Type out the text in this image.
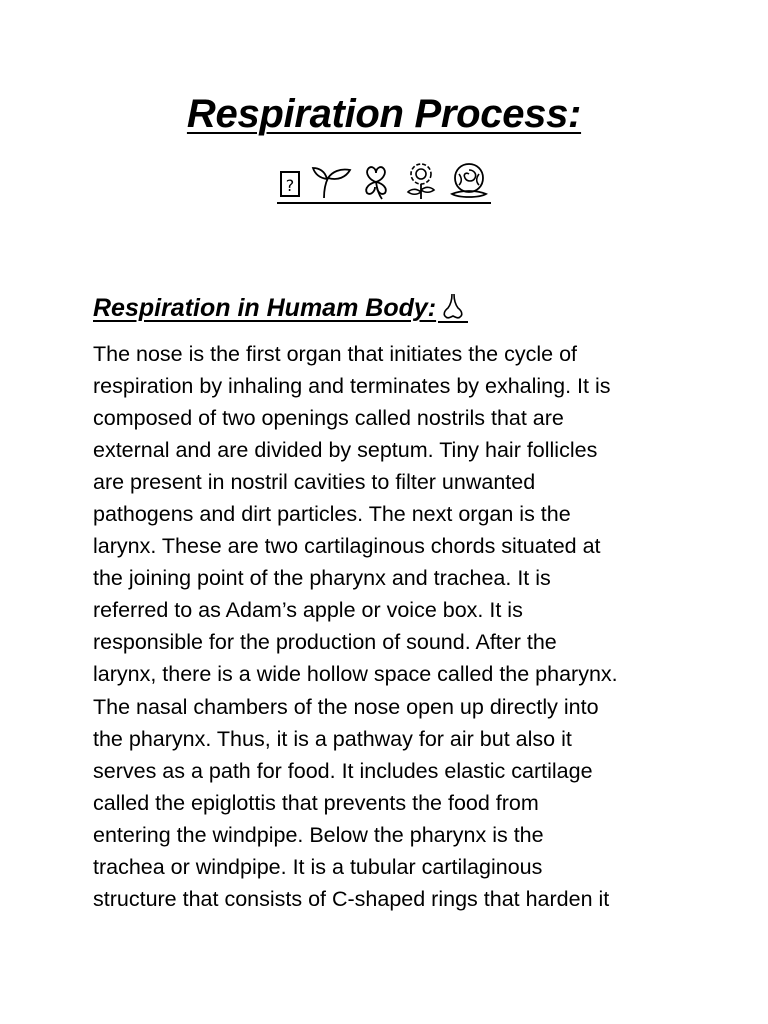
Respiration Process:
?

Respiration in Humam Body:
The nose is the first organ that initiates the cycle of
respiration by inhaling and terminates by exhaling. It is
composed of two openings called nostrils that are
external and are divided by septum. Tiny hair follicles
are present in nostril cavities to filter unwanted
pathogens and dirt particles. The next organ is the
larynx. These are two cartilaginous chords situated at
the joining point of the pharynx and trachea. It is
referred to as Adam’s apple or voice box. It is
responsible for the production of sound. After the
larynx, there is a wide hollow space called the pharynx.
The nasal chambers of the nose open up directly into
the pharynx. Thus, it is a pathway for air but also it
serves as a path for food. It includes elastic cartilage
called the epiglottis that prevents the food from
entering the windpipe. Below the pharynx is the
trachea or windpipe. It is a tubular cartilaginous
structure that consists of C-shaped rings that harden it
